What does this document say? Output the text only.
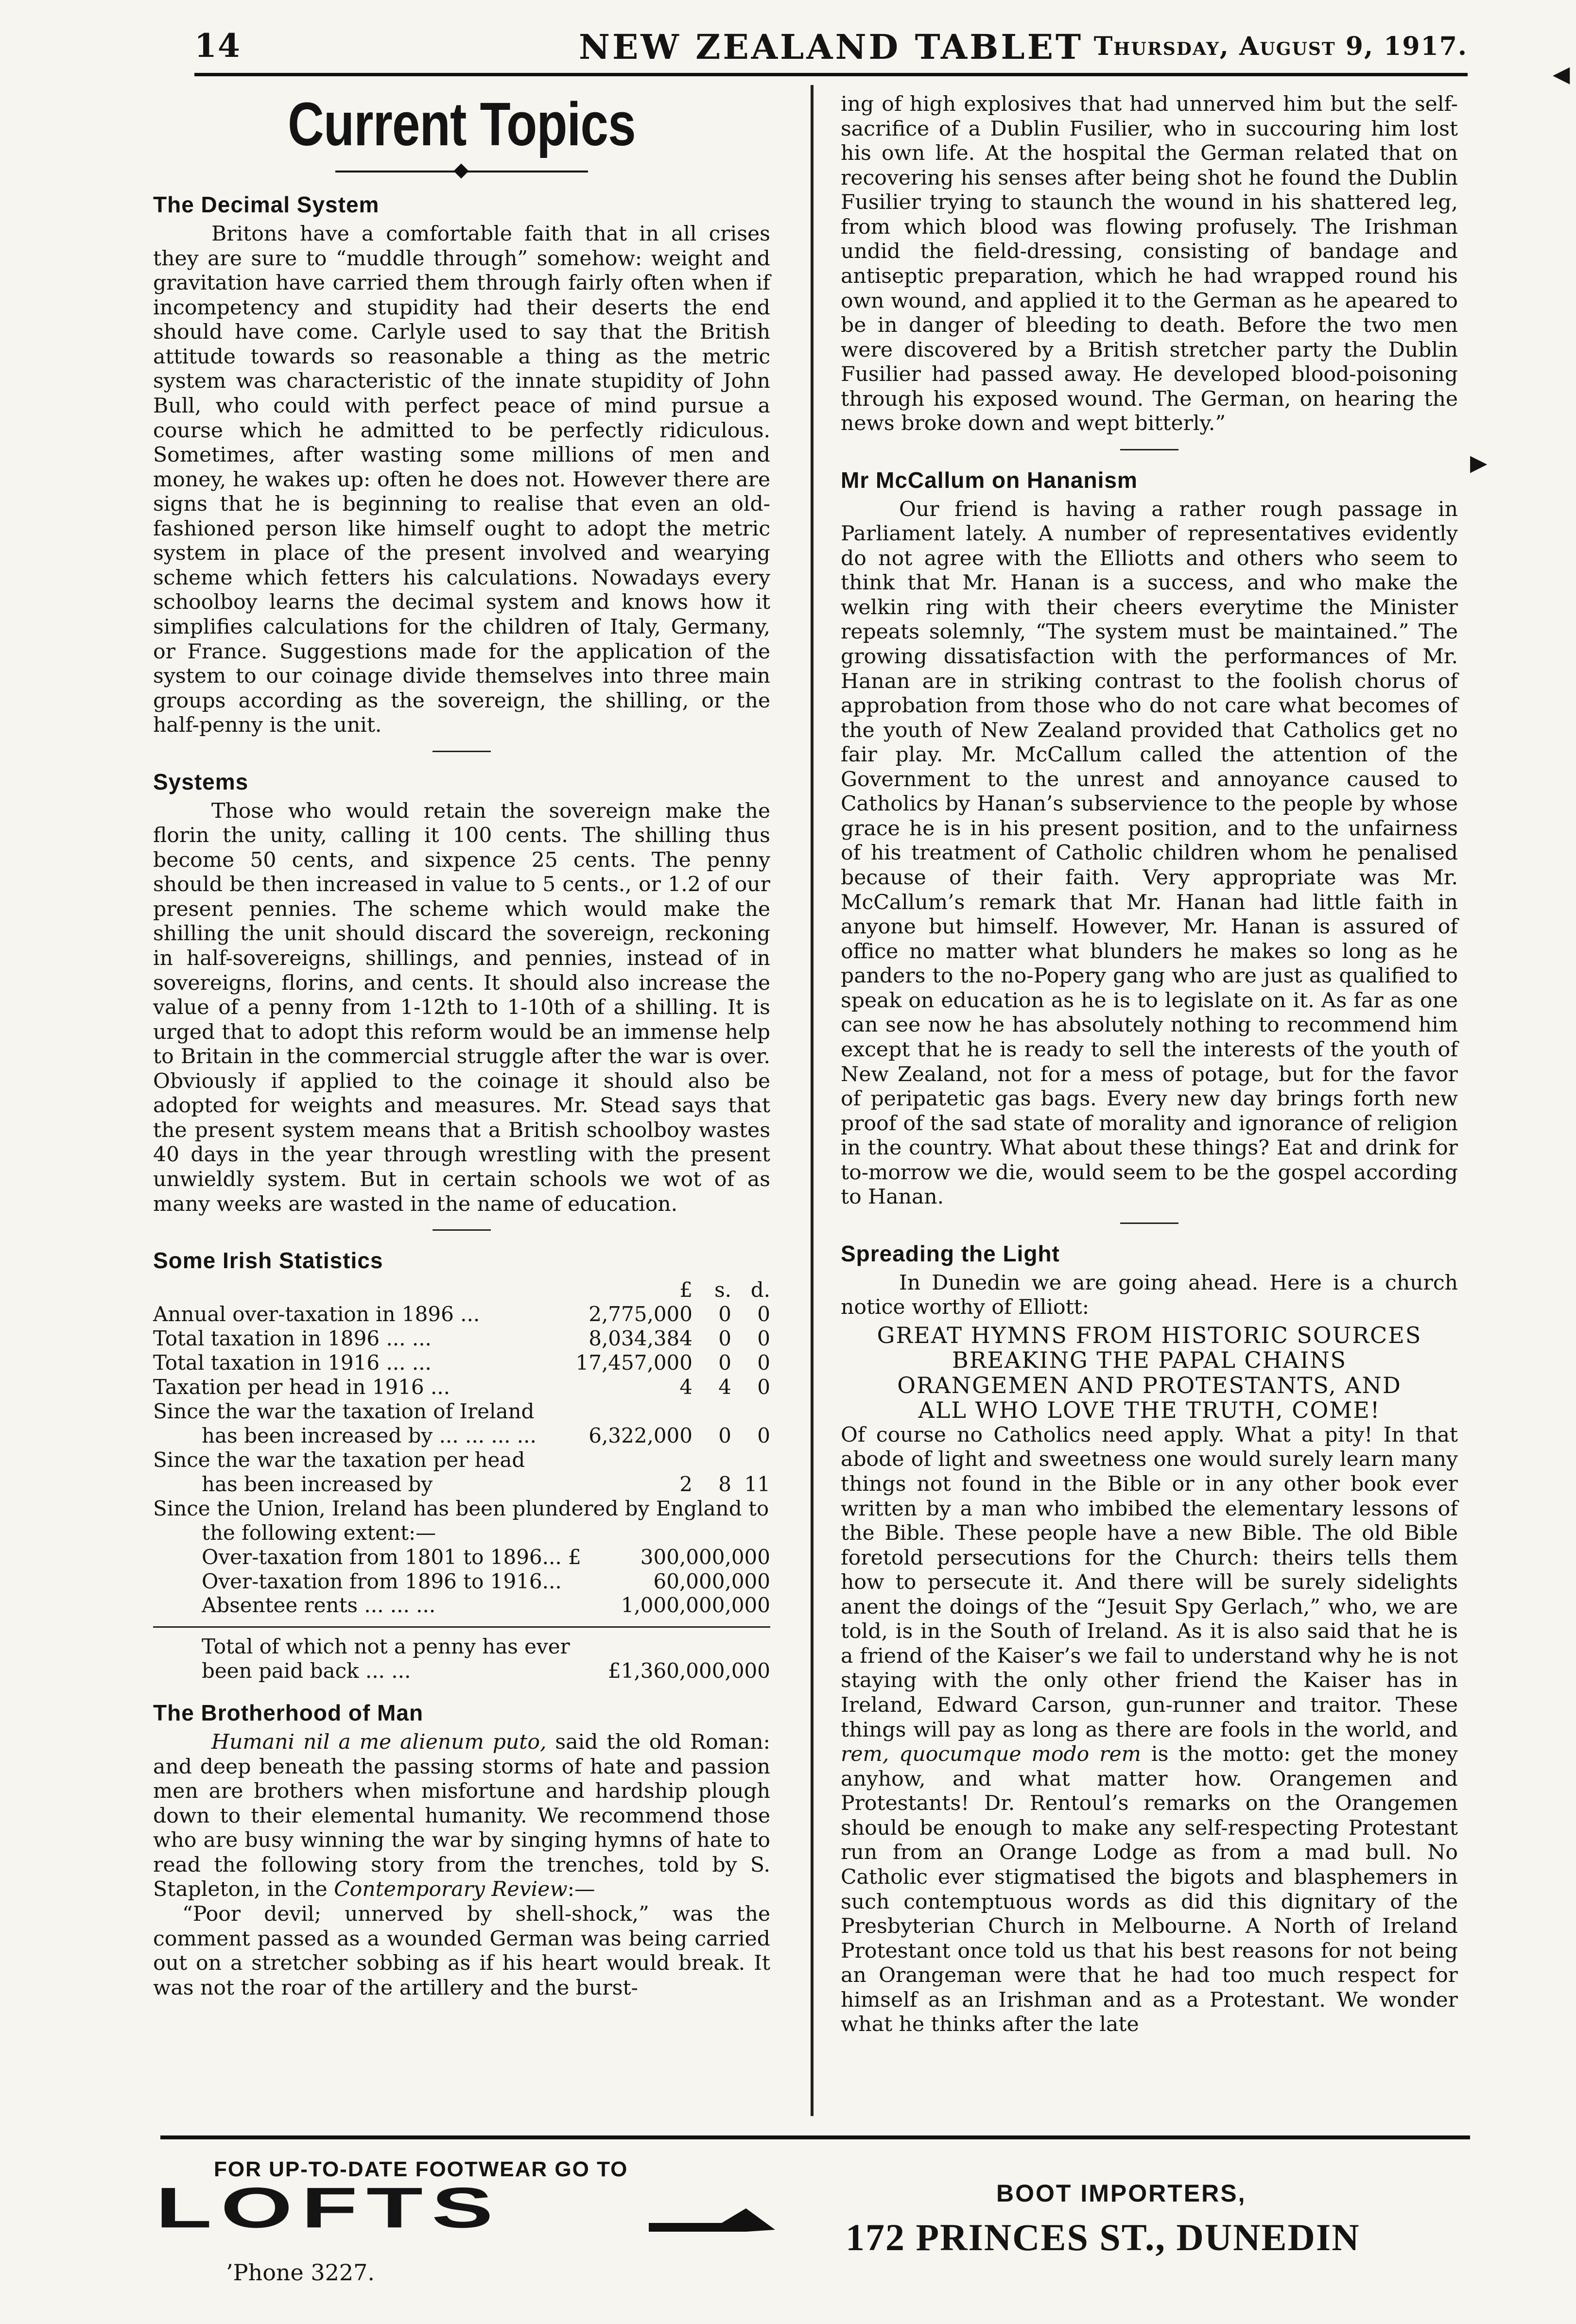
14	NEW ZEALAND TABLET Thursday, August 9, 1917.
Current Topics
The Decimal System

Britons have a comfortable faith that in all crises they are sure to “muddle through” somehow: weight and gravitation have carried them through fairly often when if incompetency and stupidity had their deserts the end should have come. Carlyle used to say that the British attitude towards so reasonable a thing as the metric system was characteristic of the innate stupidity of John Bull, who could with perfect peace of mind pursue a course which he admitted to be perfectly ridiculous. Sometimes, after wasting some millions of men and money, he wakes up: often he does not. However there are signs that he is beginning to realise that even an old-fashioned person like himself ought to adopt the metric system in place of the present involved and wearying scheme which fetters his calculations. Nowadays every schoolboy learns the decimal system and knows how it simplifies calculations for the children of Italy, Germany, or France. Suggestions made for the application of the system to our coinage divide themselves into three main groups according as the sovereign, the shilling, or the half-penny is the unit.

Systems

Those who would retain the sovereign make the florin the unity, calling it 100 cents. The shilling thus become 50 cents, and sixpence 25 cents. The penny should be then increased in value to 5 cents., or 1.2 of our present pennies. The scheme which would make the shilling the unit should discard the sovereign, reckoning in half-sovereigns, shillings, and pennies, instead of in sovereigns, florins, and cents. It should also increase the value of a penny from 1-12th to 1-10th of a shilling. It is urged that to adopt this reform would be an immense help to Britain in the commercial struggle after the war is over. Obviously if applied to the coinage it should also be adopted for weights and measures. Mr. Stead says that the present system means that a British schoolboy wastes 40 days in the year through wrestling with the present unwieldly system. But in certain schools we wot of as many weeks are wasted in the name of education.

Some Irish Statistics
	£	s.	d.
Annual over-taxation in 1896 ...	2,775,000	0	0
Total taxation in 1896 ... ...	8,034,384	0	0
Total taxation in 1916 ... ...	17,457,000	0	0
Taxation per head in 1916 ...	4	4	0
Since the war the taxation of Ireland has been increased by ... ... ... ...	6,322,000	0	0
Since the war the taxation per head has been increased by	2	8	11
Since the Union, Ireland has been plundered by England to the following extent:—			
Over-taxation from 1801 to 1896... £	300,000,000
Over-taxation from 1896 to 1916...	60,000,000
Absentee rents ... ... ...	1,000,000,000
Total of which not a penny has ever been paid back ... ...	£1,360,000,000
The Brotherhood of Man

Humani nil a me alienum puto, said the old Roman: and deep beneath the passing storms of hate and passion men are brothers when misfortune and hardship plough down to their elemental humanity. We recommend those who are busy winning the war by singing hymns of hate to read the following story from the trenches, told by S. Stapleton, in the Contemporary Review:—

“Poor devil; unnerved by shell-shock,” was the comment passed as a wounded German was being carried out on a stretcher sobbing as if his heart would break. It was not the roar of the artillery and the burst-

ing of high explosives that had unnerved him but the self-sacrifice of a Dublin Fusilier, who in succouring him lost his own life. At the hospital the German related that on recovering his senses after being shot he found the Dublin Fusilier trying to staunch the wound in his shattered leg, from which blood was flowing profusely. The Irishman undid the field-dressing, consisting of bandage and antiseptic preparation, which he had wrapped round his own wound, and applied it to the German as he apeared to be in danger of bleeding to death. Before the two men were discovered by a British stretcher party the Dublin Fusilier had passed away. He developed blood-poisoning through his exposed wound. The German, on hearing the news broke down and wept bitterly.”

Mr McCallum on Hananism

Our friend is having a rather rough passage in Parliament lately. A number of representatives evidently do not agree with the Elliotts and others who seem to think that Mr. Hanan is a success, and who make the welkin ring with their cheers everytime the Minister repeats solemnly, “The system must be maintained.” The growing dissatisfaction with the performances of Mr. Hanan are in striking contrast to the foolish chorus of approbation from those who do not care what becomes of the youth of New Zealand provided that Catholics get no fair play. Mr. McCallum called the attention of the Government to the unrest and annoyance caused to Catholics by Hanan’s subservience to the people by whose grace he is in his present position, and to the unfairness of his treatment of Catholic children whom he penalised because of their faith. Very appropriate was Mr. McCallum’s remark that Mr. Hanan had little faith in anyone but himself. However, Mr. Hanan is assured of office no matter what blunders he makes so long as he panders to the no-Popery gang who are just as qualified to speak on education as he is to legislate on it. As far as one can see now he has absolutely nothing to recommend him except that he is ready to sell the interests of the youth of New Zealand, not for a mess of potage, but for the favor of peripatetic gas bags. Every new day brings forth new proof of the sad state of morality and ignorance of religion in the country. What about these things? Eat and drink for to-morrow we die, would seem to be the gospel according to Hanan.

Spreading the Light

In Dunedin we are going ahead. Here is a church notice worthy of Elliott:

GREAT HYMNS FROM HISTORIC SOURCES
BREAKING THE PAPAL CHAINS
ORANGEMEN AND PROTESTANTS, AND
ALL WHO LOVE THE TRUTH, COME!

Of course no Catholics need apply. What a pity! In that abode of light and sweetness one would surely learn many things not found in the Bible or in any other book ever written by a man who imbibed the elementary lessons of the Bible. These people have a new Bible. The old Bible foretold persecutions for the Church: theirs tells them how to persecute it. And there will be surely sidelights anent the doings of the “Jesuit Spy Gerlach,” who, we are told, is in the South of Ireland. As it is also said that he is a friend of the Kaiser’s we fail to understand why he is not staying with the only other friend the Kaiser has in Ireland, Edward Carson, gun-runner and traitor. These things will pay as long as there are fools in the world, and rem, quocumque modo rem is the motto: get the money anyhow, and what matter how. Orangemen and Protestants! Dr. Rentoul’s remarks on the Orangemen should be enough to make any self-respecting Protestant run from an Orange Lodge as from a mad bull. No Catholic ever stigmatised the bigots and blasphemers in such contemptuous words as did this dignitary of the Presbyterian Church in Melbourne. A North of Ireland Protestant once told us that his best reasons for not being an Orangeman were that he had too much respect for himself as an Irishman and as a Protestant. We wonder what he thinks after the late

◀
▶
FOR UP-TO-DATE FOOTWEAR GO TO
LOFTS
’Phone 3227.
BOOT IMPORTERS,
172 PRINCES ST., DUNEDIN
